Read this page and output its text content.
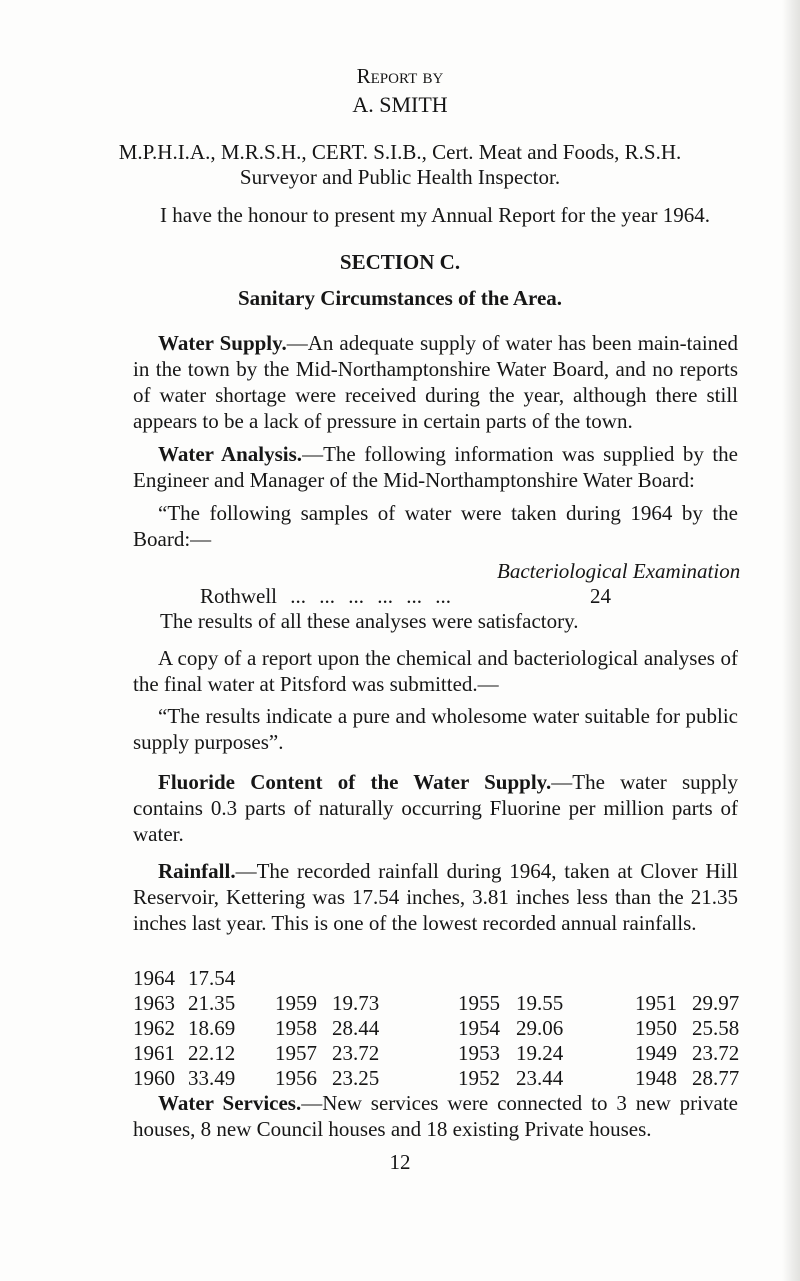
Report by
A. SMITH
M.P.H.I.A., M.R.S.H., CERT. S.I.B., Cert. Meat and Foods, R.S.H.
Surveyor and Public Health Inspector.
I have the honour to present my Annual Report for the year 1964.
SECTION C.
Sanitary Circumstances of the Area.

Water Supply.—An adequate supply of water has been main-tained in the town by the Mid-Northamptonshire Water Board, and no reports of water shortage were received during the year, although there still appears to be a lack of pressure in certain parts of the town.

Water Analysis.—The following information was supplied by the Engineer and Manager of the Mid-Northamptonshire Water Board:

“The following samples of water were taken during 1964 by the Board:—

Bacteriological Examination
Rothwell ... ... ... ... ... ...	24
The results of all these analyses were satisfactory.

A copy of a report upon the chemical and bacteriological analyses of the final water at Pitsford was submitted.—

“The results indicate a pure and wholesome water suitable for public supply purposes”.

Fluoride Content of the Water Supply.—The water supply contains 0.3 parts of naturally occurring Fluorine per million parts of water.

Rainfall.—The recorded rainfall during 1964, taken at Clover Hill Reservoir, Kettering was 17.54 inches, 3.81 inches less than the 21.35 inches last year. This is one of the lowest recorded annual rainfalls.

1964 17.54
1963 21.35
1962 18.69
1961 22.12
1960 33.49
1959 19.73
1958 28.44
1957 23.72
1956 23.25
1955 19.55
1954 29.06
1953 19.24
1952 23.44
1951 29.97
1950 25.58
1949 23.72
1948 28.77

Water Services.—New services were connected to 3 new private houses, 8 new Council houses and 18 existing Private houses.

12
